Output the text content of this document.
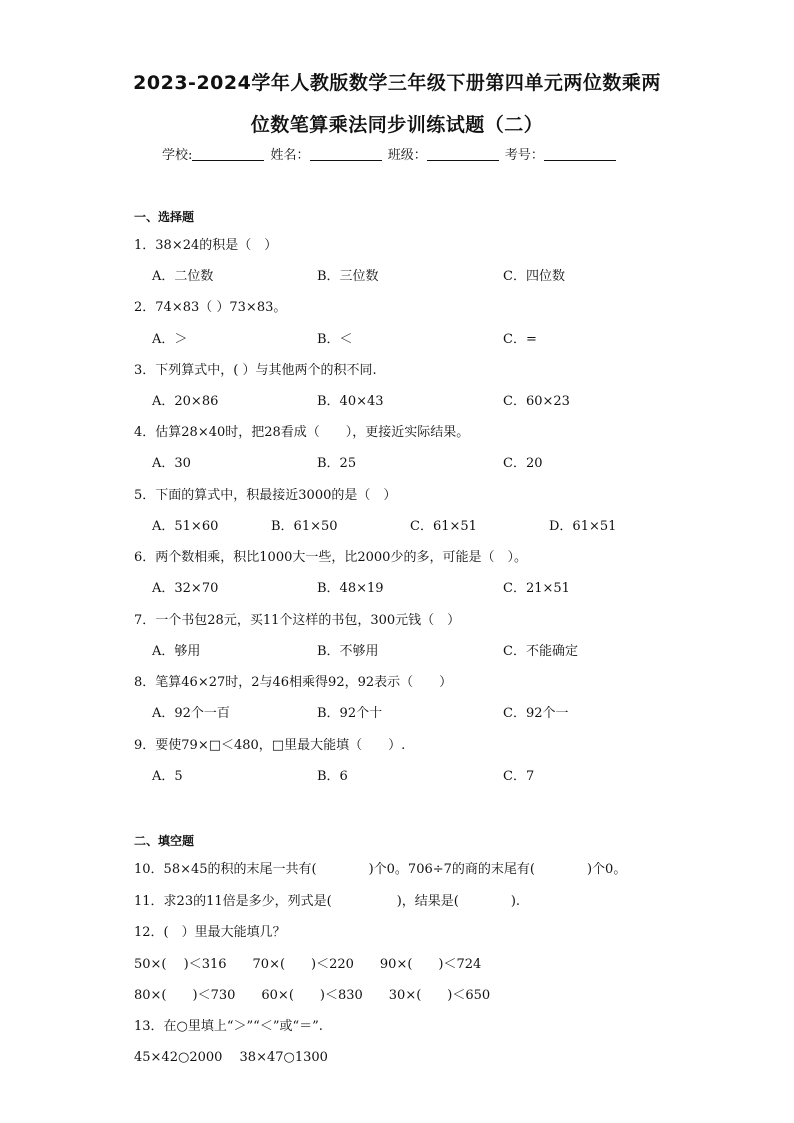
2023-2024学年人教版数学三年级下册第四单元两位数乘两
位数笔算乘法同步训练试题（二）
学校:	姓名：	班级：	考号：
一、选择题
1．38×24的积是（　）
A．二位数	B．三位数	C．四位数
2．74×83（ ）73×83。
A．＞	B．＜	C．=
3．下列算式中，( ）与其他两个的积不同.
A．20×86	B．40×43	C．60×23
4．估算28×40时，把28看成（　　），更接近实际结果。
A．30	B．25	C．20
5．下面的算式中，积最接近3000的是（　）
A．51×60	B．61×50	C．61×51	D．61×51
6．两个数相乘，积比1000大一些，比2000少的多，可能是（　）。
A．32×70	B．48×19	C．21×51
7．一个书包28元，买11个这样的书包，300元钱（　）
A．够用	B．不够用	C．不能确定
8．笔算46×27时，2与46相乘得92，92表示（　　）
A．92个一百	B．92个十	C．92个一
9．要使79×□＜480，□里最大能填（　　）.
A．5	B．6	C．7
二、填空题
10．58×45的积的末尾一共有(　　　　)个0。706÷7的商的末尾有(　　　　)个0。
11．求23的11倍是多少，列式是(　　　　　)，结果是(　　　　).
12．(　）里最大能填几？
50×(　 )＜316　　70×(　　)＜220　　90×(　　)＜724
80×(　　)＜730　　60×(　　)＜830　　30×(　　)＜650
13．在○里填上“＞”“＜”或“＝”.
45×42○2000　 38×47○1300
